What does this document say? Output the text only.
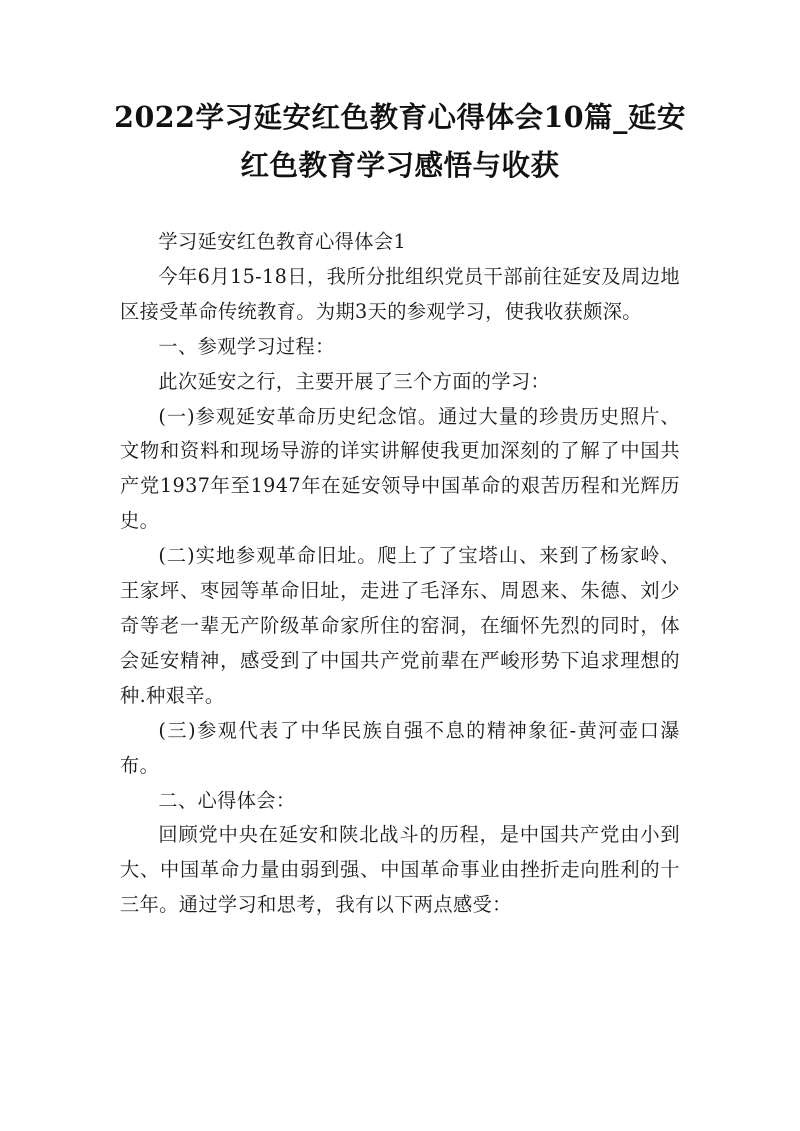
2022学习延安红色教育心得体会10篇_延安
红色教育学习感悟与收获

学习延安红色教育心得体会1

今年6月15-18日，我所分批组织党员干部前往延安及周边地区接受革命传统教育。为期3天的参观学习，使我收获颇深。

一、参观学习过程：

此次延安之行，主要开展了三个方面的学习：

(一)参观延安革命历史纪念馆。通过大量的珍贵历史照片、文物和资料和现场导游的详实讲解使我更加深刻的了解了中国共产党1937年至1947年在延安领导中国革命的艰苦历程和光辉历史。

(二)实地参观革命旧址。爬上了了宝塔山、来到了杨家岭、王家坪、枣园等革命旧址，走进了毛泽东、周恩来、朱德、刘少奇等老一辈无产阶级革命家所住的窑洞，在缅怀先烈的同时，体会延安精神，感受到了中国共产党前辈在严峻形势下追求理想的种.种艰辛。

(三)参观代表了中华民族自强不息的精神象征-黄河壶口瀑布。

二、心得体会：

回顾党中央在延安和陕北战斗的历程，是中国共产党由小到大、中国革命力量由弱到强、中国革命事业由挫折走向胜利的十三年。通过学习和思考，我有以下两点感受：
